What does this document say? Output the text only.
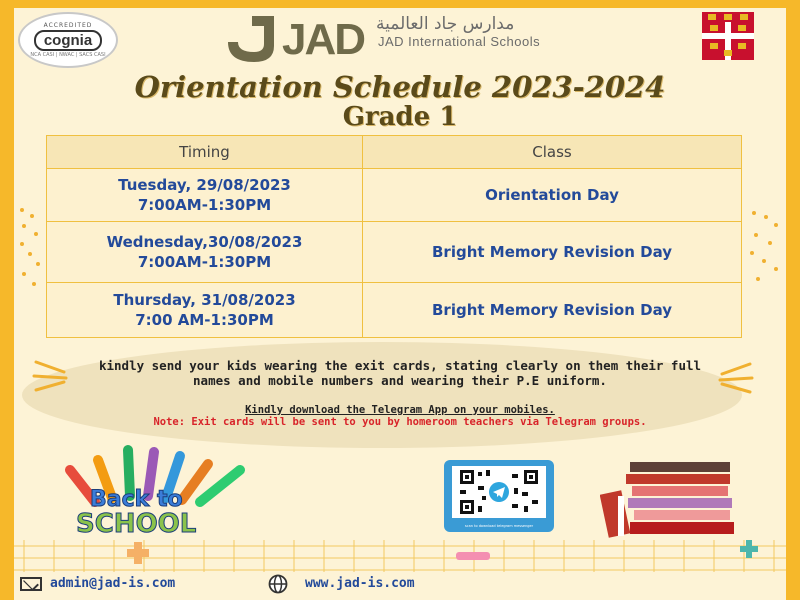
ACCREDITED
cognia
NCA CASI | NWAC | SACS CASI	JAD مدارس جاد العالمية
JAD International Schools
Orientation Schedule 2023-2024
Grade 1
Timing	Class

Tuesday, 29/08/2023
7:00AM-1:30PM	Orientation Day

Wednesday,30/08/2023
7:00AM-1:30PM	Bright Memory Revision Day

Thursday, 31/08/2023
7:00 AM-1:30PM	Bright Memory Revision Day
kindly send your kids wearing the exit cards, stating clearly on them their full names and mobile numbers and wearing their P.E uniform.
Kindly download the Telegram App on your mobiles.
Note: Exit cards will be sent to you by homeroom teachers via Telegram groups.
Back to
SCHOOL	scan to download telegram messenger
admin@jad-is.com	www.jad-is.com
